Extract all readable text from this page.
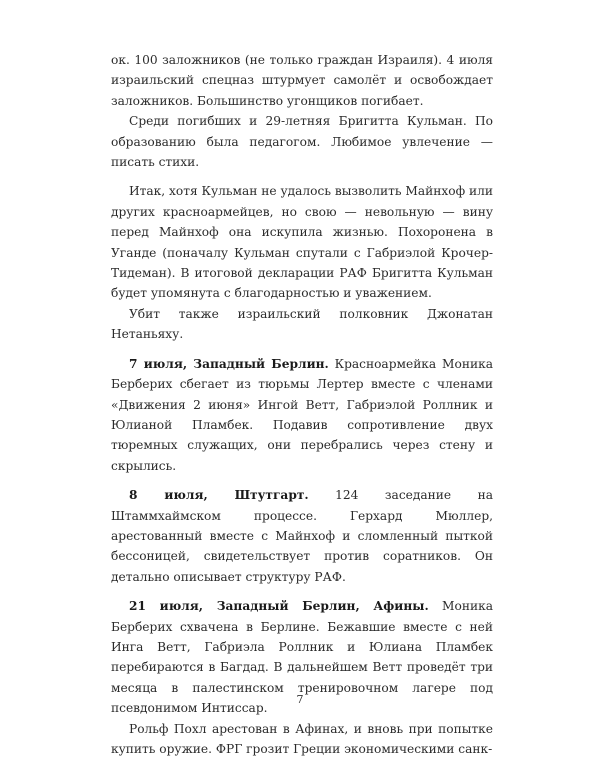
ок. 100 заложников (не только граждан Израиля). 4 июля израильский спецназ штурмует самолёт и освобождает заложников. Большинство угонщиков погибает.

Среди погибших и 29-летняя Бригитта Кульман. По образованию была педагогом. Любимое увлечение — писать стихи.

Итак, хотя Кульман не удалось вызволить Майнхоф или других красноармейцев, но свою — невольную — вину перед Майнхоф она искупила жизнью. Похоронена в Уганде (поначалу Кульман спутали с Габриэлой Крочер-Тидеман). В итоговой декларации РАФ Бригитта Кульман будет упомянута с благодарностью и уважением.

Убит также израильский полковник Джонатан Нетаньяху.

7 июля, Западный Берлин. Красноармейка Моника Берберих сбегает из тюрьмы Лертер вместе с членами «Движения 2 июня» Ингой Ветт, Габриэлой Роллник и Юлианой Пламбек. Подавив сопротивление двух тюремных служащих, они перебрались через стену и скрылись.

8 июля, Штутгарт. 124 заседание на Штаммхаймском процессе. Герхард Мюллер, арестованный вместе с Майнхоф и сломленный пыткой бессоницей, свидетельствует против соратников. Он детально описывает структуру РАФ.

21 июля, Западный Берлин, Афины. Моника Берберих схвачена в Берлине. Бежавшие вместе с ней Инга Ветт, Габриэла Роллник и Юлиана Пламбек перебираются в Багдад. В дальнейшем Ветт проведёт три месяца в палестинском тренировочном лагере под псевдонимом Интиссар.

Рольф Похл арестован в Афинах, и вновь при попытке купить оружие. ФРГ грозит Греции экономическими санк-

7
